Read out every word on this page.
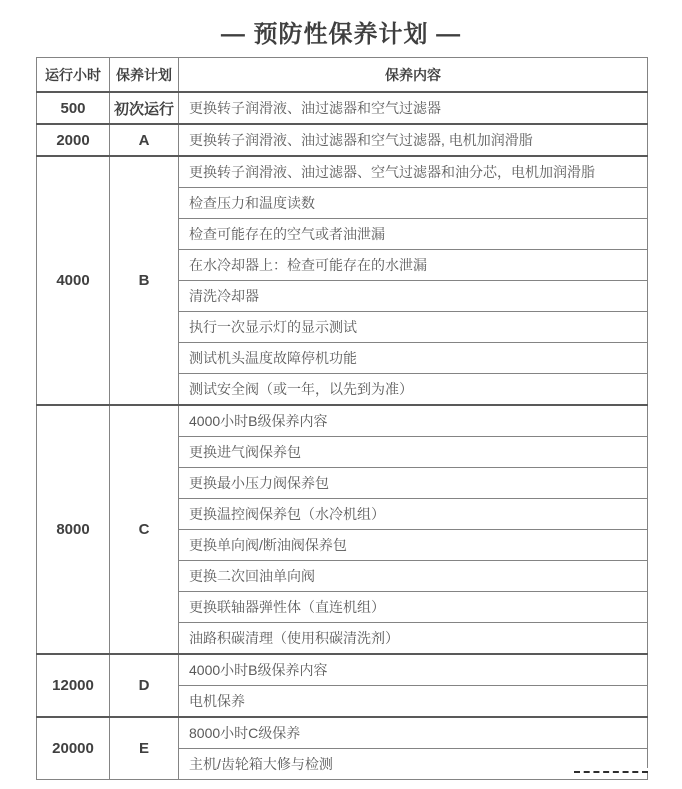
— 预防性保养计划 —
运行小时	保养计划	保养内容
500	初次运行	更换转子润滑液、油过滤器和空气过滤器
2000	A	更换转子润滑液、油过滤器和空气过滤器, 电机加润滑脂
4000	B	更换转子润滑液、油过滤器、空气过滤器和油分芯，电机加润滑脂
		检查压力和温度读数
		检查可能存在的空气或者油泄漏
		在水冷却器上：检查可能存在的水泄漏
		清洗冷却器
		执行一次显示灯的显示测试
		测试机头温度故障停机功能
		测试安全阀（或一年，以先到为准）
8000	C	4000小时B级保养内容
		更换进气阀保养包
		更换最小压力阀保养包
		更换温控阀保养包（水冷机组）
		更换单向阀/断油阀保养包
		更换二次回油单向阀
		更换联轴器弹性体（直连机组）
		油路积碳清理（使用积碳清洗剂）
12000	D	4000小时B级保养内容
		电机保养
20000	E	8000小时C级保养
		主机/齿轮箱大修与检测
